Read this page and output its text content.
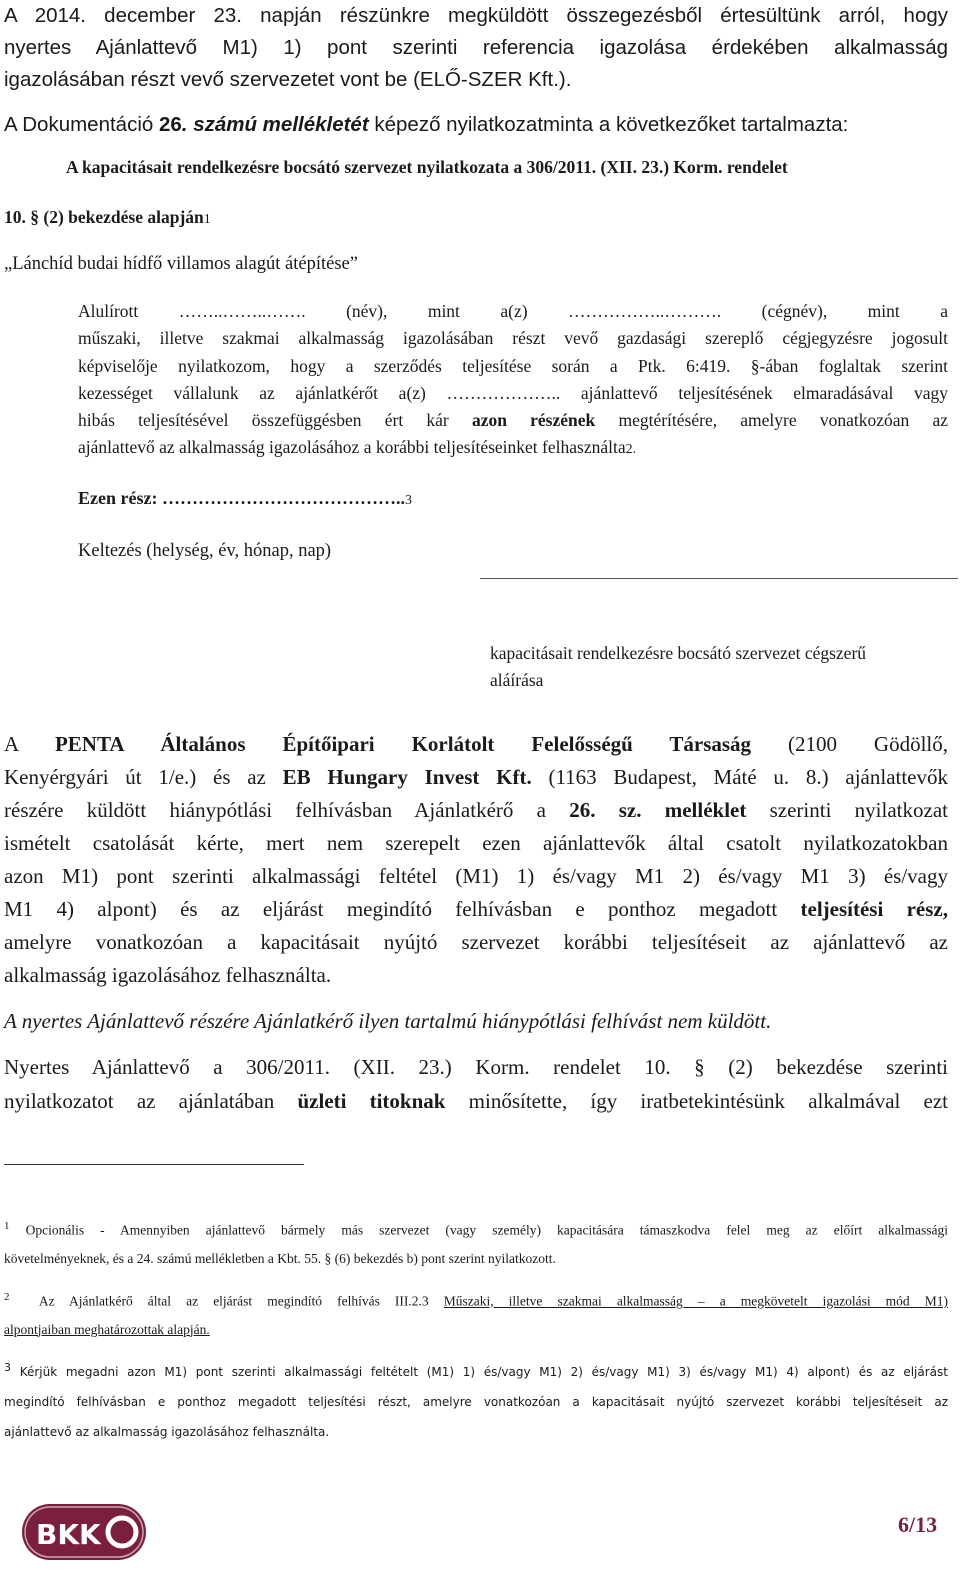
A 2014. december 23. napján részünkre megküldött összegezésből értesültünk arról, hogy
nyertes Ajánlattevő M1) 1) pont szerinti referencia igazolása érdekében alkalmasság
igazolásában részt vevő szervezetet vont be (ELŐ-SZER Kft.).
A Dokumentáció 26. számú mellékletét képező nyilatkozatminta a következőket tartalmazta:
A kapacitásait rendelkezésre bocsátó szervezet nyilatkozata a 306/2011. (XII. 23.) Korm. rendelet
10. § (2) bekezdése alapján1
„Lánchíd budai hídfő villamos alagút átépítése”
Alulírott ……..……..……. (név), mint a(z) ……………..………. (cégnév), mint a
műszaki, illetve szakmai alkalmasság igazolásában részt vevő gazdasági szereplő cégjegyzésre jogosult
képviselője nyilatkozom, hogy a szerződés teljesítése során a Ptk. 6:419. §-ában foglaltak szerint
kezességet vállalunk az ajánlatkérőt a(z) ……………….. ajánlattevő teljesítésének elmaradásával vagy
hibás teljesítésével összefüggésben ért kár azon részének megtérítésére, amelyre vonatkozóan az
ajánlattevő az alkalmasság igazolásához a korábbi teljesítéseinket felhasználta2.
Ezen rész: …………………………………..3
Keltezés (helység, év, hónap, nap)
kapacitásait rendelkezésre bocsátó szervezet cégszerű
aláírása
A PENTA Általános Építőipari Korlátolt Felelősségű Társaság (2100 Gödöllő,
Kenyérgyári út 1/e.) és az EB Hungary Invest Kft. (1163 Budapest, Máté u. 8.) ajánlattevők
részére küldött hiánypótlási felhívásban Ajánlatkérő a 26. sz. melléklet szerinti nyilatkozat
ismételt csatolását kérte, mert nem szerepelt ezen ajánlattevők által csatolt nyilatkozatokban
azon M1) pont szerinti alkalmassági feltétel (M1) 1) és/vagy M1 2) és/vagy M1 3) és/vagy
M1 4) alpont) és az eljárást megindító felhívásban e ponthoz megadott teljesítési rész,
amelyre vonatkozóan a kapacitásait nyújtó szervezet korábbi teljesítéseit az ajánlattevő az
alkalmasság igazolásához felhasználta.
A nyertes Ajánlattevő részére Ajánlatkérő ilyen tartalmú hiánypótlási felhívást nem küldött.
Nyertes Ajánlattevő a 306/2011. (XII. 23.) Korm. rendelet 10. § (2) bekezdése szerinti
nyilatkozatot az ajánlatában üzleti titoknak minősítette, így iratbetekintésünk alkalmával ezt
$^1$ Opcionális - Amennyiben ajánlattevő bármely más szervezet (vagy személy) kapacitására támaszkodva felel meg az előírt alkalmassági
követelményeknek, és a 24. számú mellékletben a Kbt. 55. § (6) bekezdés b) pont szerint nyilatkozott.
$^2$ Az Ajánlatkérő által az eljárást megindító felhívás III.2.3 Műszaki, illetve szakmai alkalmasság – a megkövetelt igazolási mód M1)
alpontjaiban meghatározottak alapján.
3 Kérjük megadni azon M1) pont szerinti alkalmassági feltételt (M1) 1) és/vagy M1) 2) és/vagy M1) 3) és/vagy M1) 4) alpont) és az eljárást
megindító felhívásban e ponthoz megadott teljesítési részt, amelyre vonatkozóan a kapacitásait nyújtó szervezet korábbi teljesítéseit az
ajánlattevő az alkalmasság igazolásához felhasználta.
BKK	6/13
